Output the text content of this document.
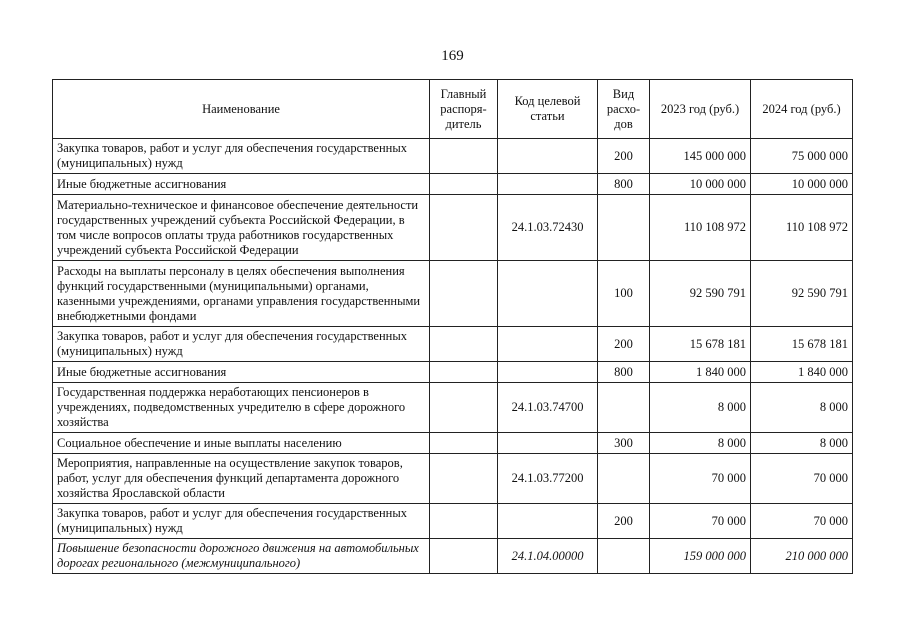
169
Наименование	Главный распоря-дитель	Код целевой статьи	Вид расхо-дов	2023 год (руб.)	2024 год (руб.)
Закупка товаров, работ и услуг для обеспечения государственных (муниципальных) нужд			200	145 000 000	75 000 000
Иные бюджетные ассигнования			800	10 000 000	10 000 000
Материально-техническое и финансовое обеспечение деятельности государственных учреждений субъекта Российской Федерации, в том числе вопросов оплаты труда работников государственных учреждений субъекта Российской Федерации		24.1.03.72430		110 108 972	110 108 972
Расходы на выплаты персоналу в целях обеспечения выполнения функций государственными (муниципальными) органами, казенными учреждениями, органами управления государственными внебюджетными фондами			100	92 590 791	92 590 791
Закупка товаров, работ и услуг для обеспечения государственных (муниципальных) нужд			200	15 678 181	15 678 181
Иные бюджетные ассигнования			800	1 840 000	1 840 000
Государственная поддержка неработающих пенсионеров в учреждениях, подведомственных учредителю в сфере дорожного хозяйства		24.1.03.74700		8 000	8 000
Социальное обеспечение и иные выплаты населению			300	8 000	8 000
Мероприятия, направленные на осуществление закупок товаров, работ, услуг для обеспечения функций департамента дорожного хозяйства Ярославской области		24.1.03.77200		70 000	70 000
Закупка товаров, работ и услуг для обеспечения государственных (муниципальных) нужд			200	70 000	70 000
Повышение безопасности дорожного движения на автомобильных дорогах регионального (межмуниципального)		24.1.04.00000		159 000 000	210 000 000
